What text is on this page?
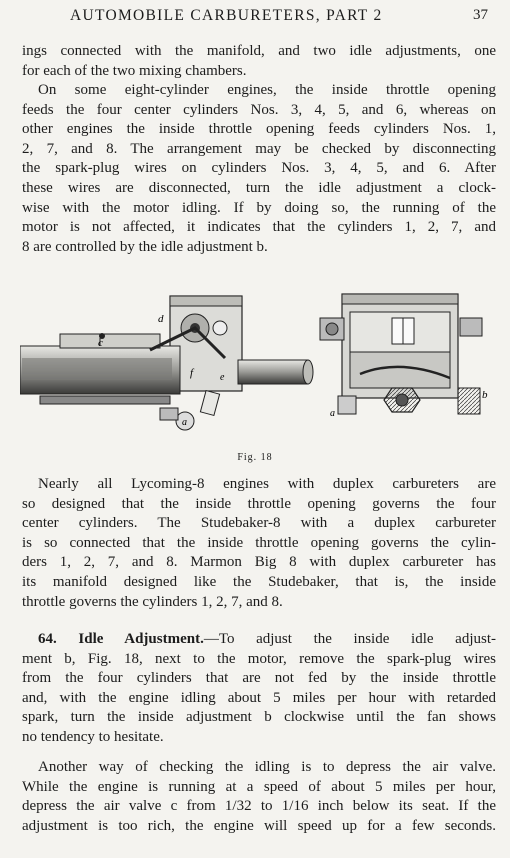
AUTOMOBILE CARBURETERS, PART 2	37

ings connected with the manifold, and two idle adjustments, one
for each of the two mixing chambers.

On some eight-cylinder engines, the inside throttle opening
feeds the four center cylinders Nos. 3, 4, 5, and 6, whereas on
other engines the inside throttle opening feeds cylinders Nos. 1,
2, 7, and 8. The arrangement may be checked by disconnecting
the spark-plug wires on cylinders Nos. 3, 4, 5, and 6. After
these wires are disconnected, turn the idle adjustment a clock-
wise with the motor idling. If by doing so, the running of the
motor is not affected, it indicates that the cylinders 1, 2, 7, and
8 are controlled by the idle adjustment b.

d
c
f	e
a
a
b
Fig. 18

Nearly all Lycoming-8 engines with duplex carbureters are
so designed that the inside throttle opening governs the four
center cylinders. The Studebaker-8 with a duplex carbureter
is so connected that the inside throttle opening governs the cylin-
ders 1, 2, 7, and 8. Marmon Big 8 with duplex carbureter has
its manifold designed like the Studebaker, that is, the inside
throttle governs the cylinders 1, 2, 7, and 8.

64. Idle Adjustment.—To adjust the inside idle adjust-
ment b, Fig. 18, next to the motor, remove the spark-plug wires
from the four cylinders that are not fed by the inside throttle
and, with the engine idling about 5 miles per hour with retarded
spark, turn the inside adjustment b clockwise until the fan shows
no tendency to hesitate.

Another way of checking the idling is to depress the air valve.
While the engine is running at a speed of about 5 miles per hour,
depress the air valve c from 1/32 to 1/16 inch below its seat. If the
adjustment is too rich, the engine will speed up for a few seconds.
